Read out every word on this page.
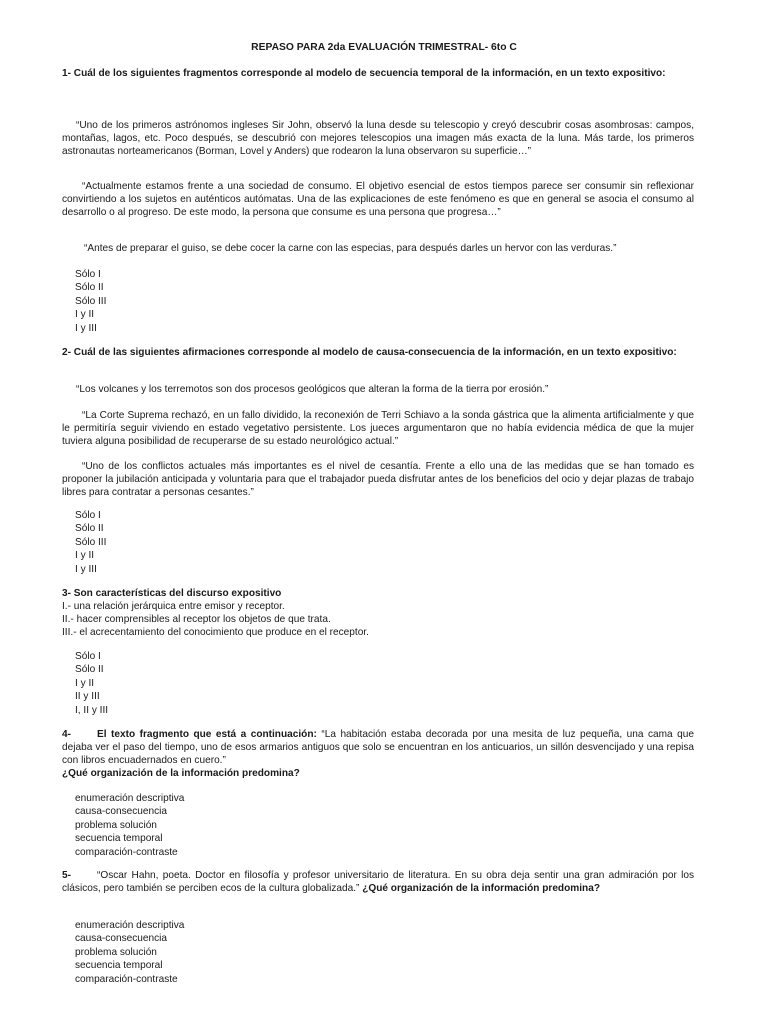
REPASO PARA 2da EVALUACIÓN TRIMESTRAL- 6to C
1- Cuál de los siguientes fragmentos corresponde al modelo de secuencia temporal de la información, en un texto expositivo:
“Uno de los primeros astrónomos ingleses Sir John, observó la luna desde su telescopio y creyó descubrir cosas asombrosas: campos, montañas, lagos, etc. Poco después, se descubrió con mejores telescopios una imagen más exacta de la luna. Más tarde, los primeros astronautas norteamericanos (Borman, Lovel y Anders) que rodearon la luna observaron su superficie…”
“Actualmente estamos frente a una sociedad de consumo. El objetivo esencial de estos tiempos parece ser consumir sin reflexionar convirtiendo a los sujetos en auténticos autómatas. Una de las explicaciones de este fenómeno es que en general se asocia el consumo al desarrollo o al progreso. De este modo, la persona que consume es una persona que progresa…”
“Antes de preparar el guiso, se debe cocer la carne con las especias, para después darles un hervor con las verduras.”
Sólo I
Sólo II
Sólo III
I y II
I y III
2- Cuál de las siguientes afirmaciones corresponde al modelo de causa-consecuencia de la información, en un texto expositivo:
“Los volcanes y los terremotos son dos procesos geológicos que alteran la forma de la tierra por erosión.”
“La Corte Suprema rechazó, en un fallo dividido, la reconexión de Terri Schiavo a la sonda gástrica que la alimenta artificialmente y que le permitiría seguir viviendo en estado vegetativo persistente. Los jueces argumentaron que no había evidencia médica de que la mujer tuviera alguna posibilidad de recuperarse de su estado neurológico actual.”
“Uno de los conflictos actuales más importantes es el nivel de cesantía. Frente a ello una de las medidas que se han tomado es proponer la jubilación anticipada y voluntaria para que el trabajador pueda disfrutar antes de los beneficios del ocio y dejar plazas de trabajo libres para contratar a personas cesantes.”
Sólo I
Sólo II
Sólo III
I y II
I y III
3- Son características del discurso expositivo
I.- una relación jerárquica entre emisor y receptor.
II.- hacer comprensibles al receptor los objetos de que trata.
III.- el acrecentamiento del conocimiento que produce en el receptor.
Sólo I
Sólo II
I y II
II y III
I, II y III
4-	El texto fragmento que está a continuación: “La habitación estaba decorada por una mesita de luz pequeña, una cama que dejaba ver el paso del tiempo, uno de esos armarios antiguos que solo se encuentran en los anticuarios, un sillón desvencijado y una repisa con libros encuadernados en cuero.”
¿Qué organización de la información predomina?
enumeración descriptiva
causa-consecuencia
problema solución
secuencia temporal
comparación-contraste
5-	“Oscar Hahn, poeta. Doctor en filosofía y profesor universitario de literatura. En su obra deja sentir una gran admiración por los clásicos, pero también se perciben ecos de la cultura globalizada.” ¿Qué organización de la información predomina?
enumeración descriptiva
causa-consecuencia
problema solución
secuencia temporal
comparación-contraste
